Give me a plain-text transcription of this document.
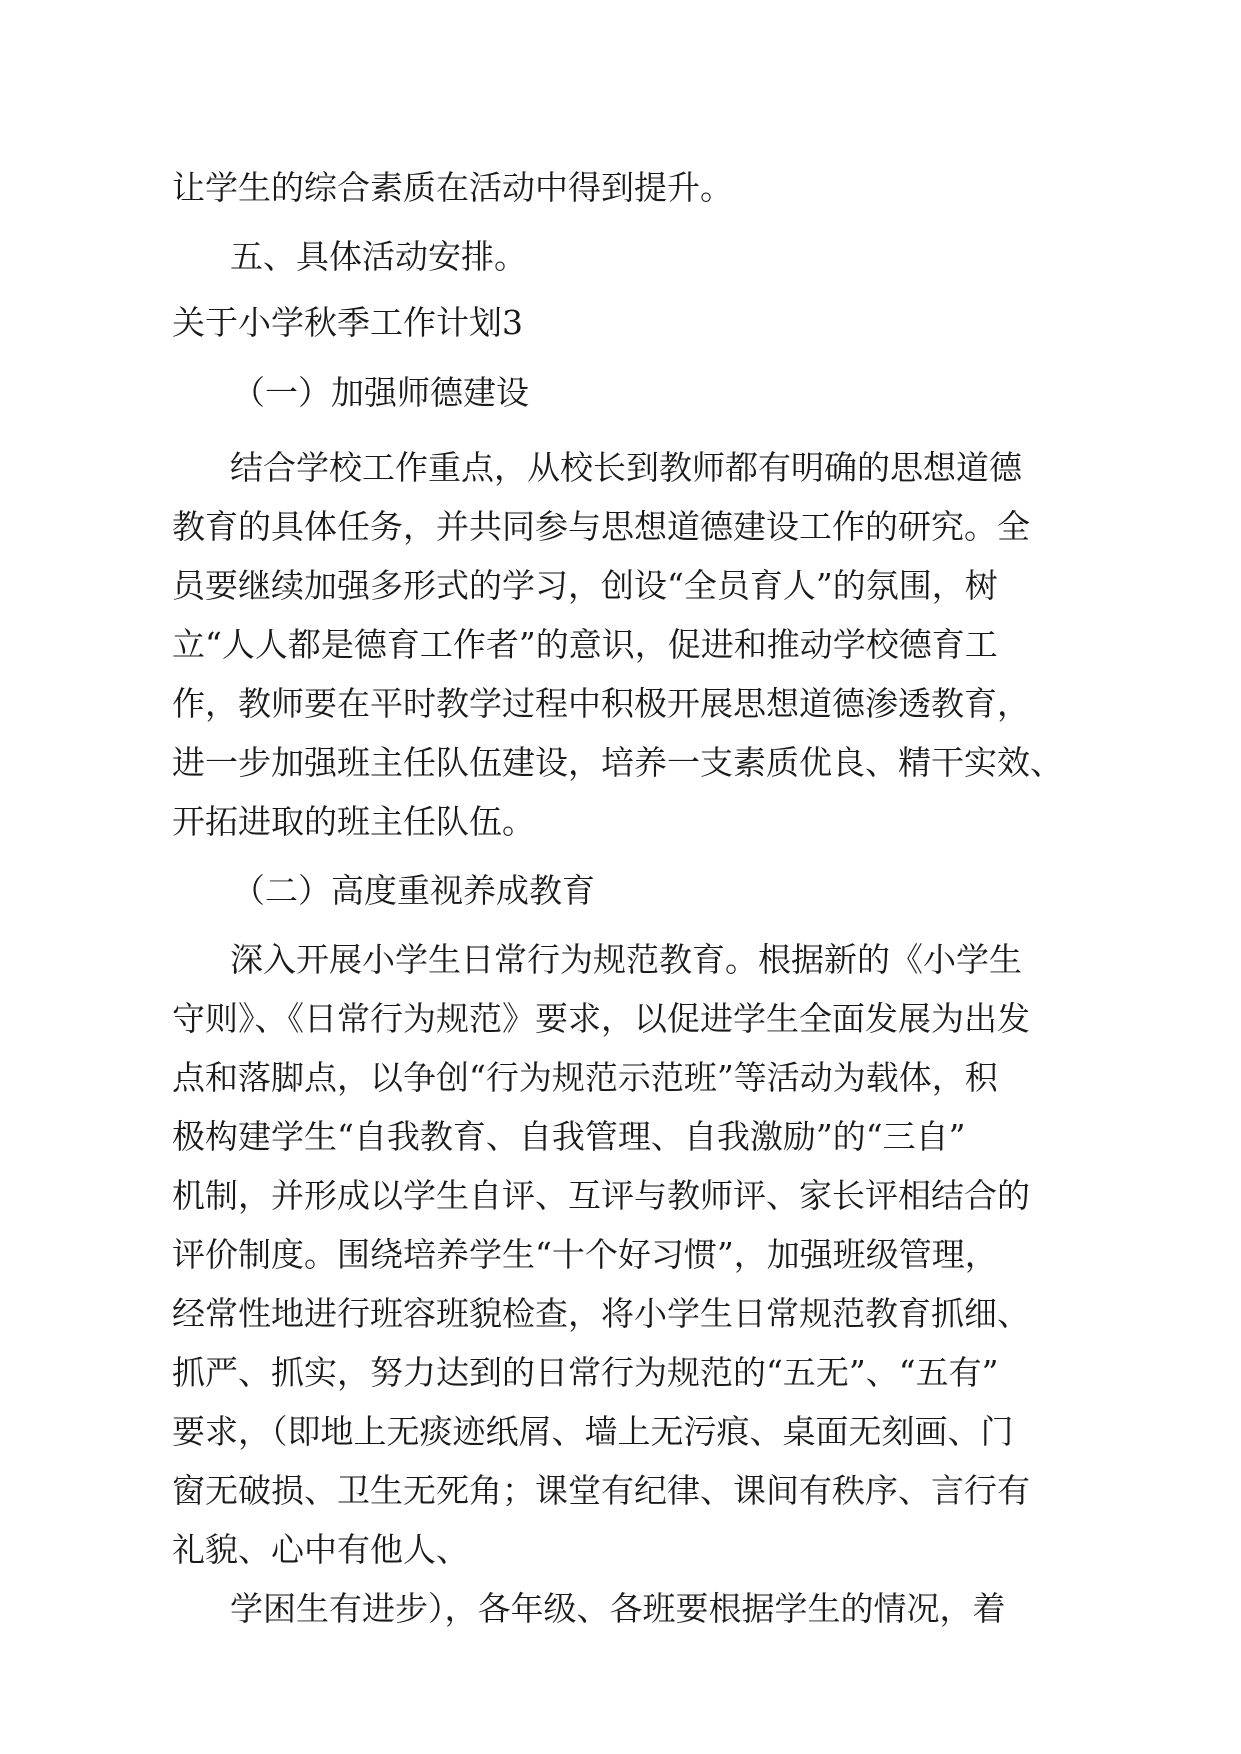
让学生的综合素质在活动中得到提升。
五、具体活动安排。
关于小学秋季工作计划3
（一）加强师德建设
结合学校工作重点，从校长到教师都有明确的思想道德
教育的具体任务，并共同参与思想道德建设工作的研究。全
员要继续加强多形式的学习，创设“全员育人”的氛围，树
立“人人都是德育工作者”的意识，促进和推动学校德育工
作，教师要在平时教学过程中积极开展思想道德渗透教育，
进一步加强班主任队伍建设，培养一支素质优良、精干实效、
开拓进取的班主任队伍。
（二）高度重视养成教育
深入开展小学生日常行为规范教育。根据新的《小学生
守则》、《日常行为规范》要求，以促进学生全面发展为出发
点和落脚点，以争创“行为规范示范班”等活动为载体，积
极构建学生“自我教育、自我管理、自我激励”的“三自”
机制，并形成以学生自评、互评与教师评、家长评相结合的
评价制度。围绕培养学生“十个好习惯”，加强班级管理，
经常性地进行班容班貌检查，将小学生日常规范教育抓细、
抓严、抓实，努力达到的日常行为规范的“五无”、“五有”
要求，（即地上无痰迹纸屑、墙上无污痕、桌面无刻画、门
窗无破损、卫生无死角；课堂有纪律、课间有秩序、言行有
礼貌、心中有他人、
学困生有进步），各年级、各班要根据学生的情况，着
